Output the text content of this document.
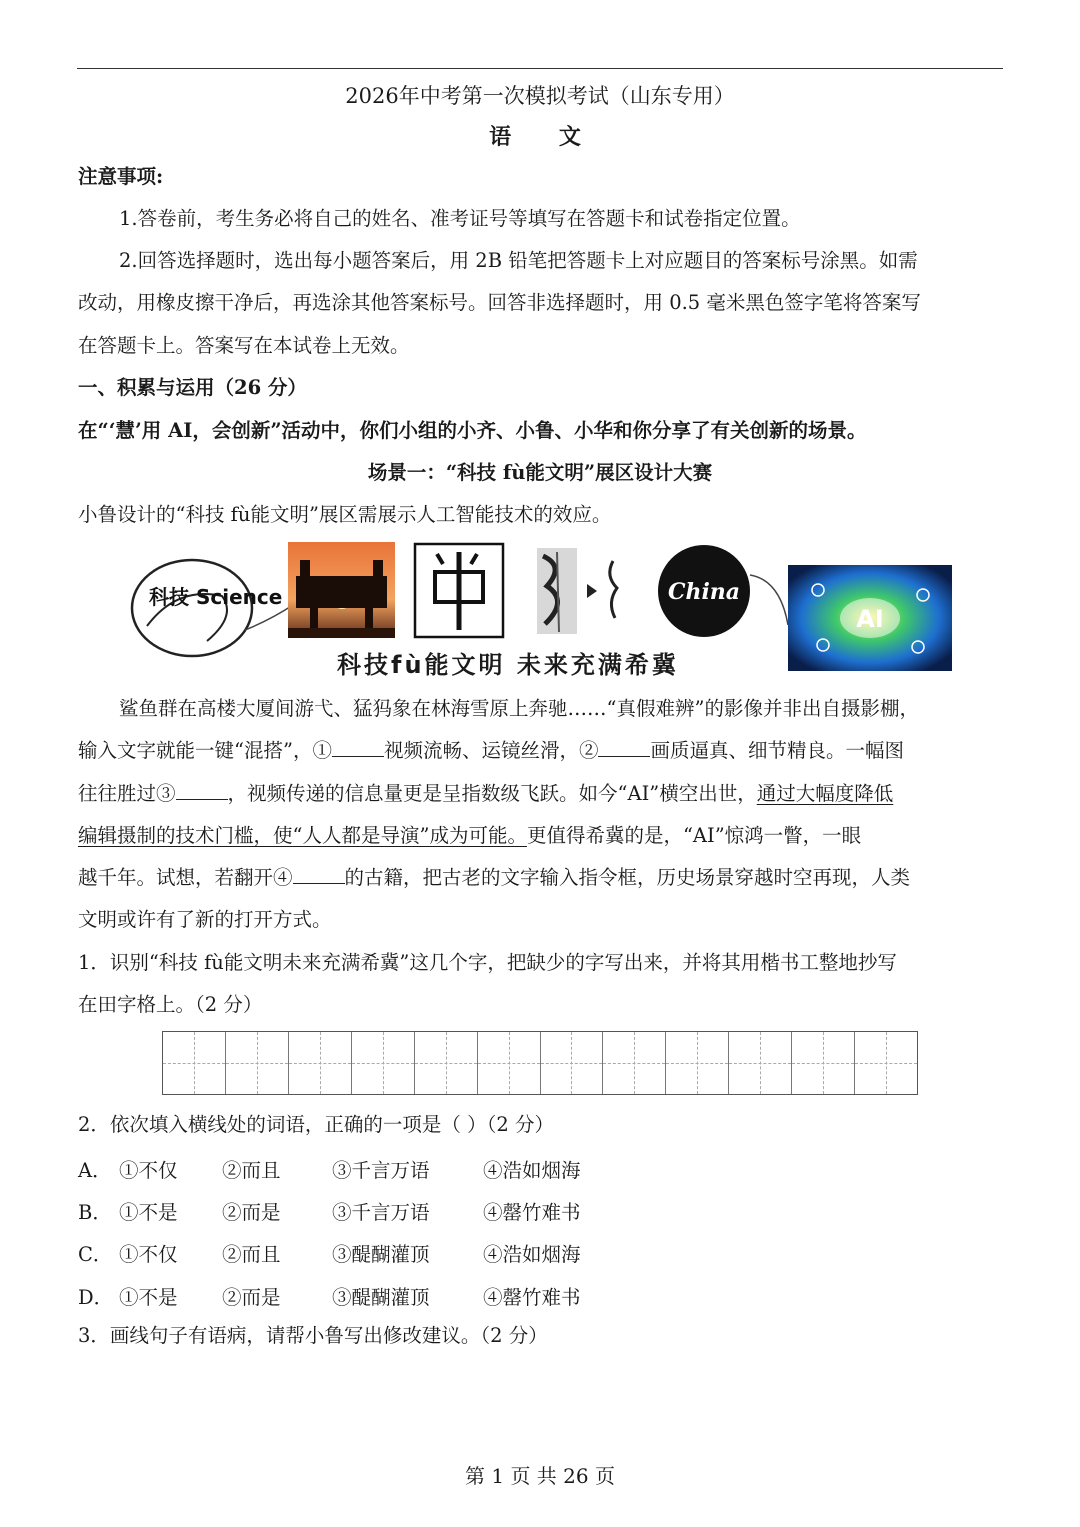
2026年中考第一次模拟考试（山东专用）
语 文
注意事项:
1.答卷前，考生务必将自己的姓名、准考证号等填写在答题卡和试卷指定位置。
2.回答选择题时，选出每小题答案后，用 2B 铅笔把答题卡上对应题目的答案标号涂黑。如需
改动，用橡皮擦干净后，再选涂其他答案标号。回答非选择题时，用 0.5 毫米黑色签字笔将答案写
在答题卡上。答案写在本试卷上无效。
一、积累与运用（26 分）
在“‘慧’用 AI，会创新”活动中，你们小组的小齐、小鲁、小华和你分享了有关创新的场景。
场景一：“科技 fù能文明”展区设计大赛
小鲁设计的“科技 fù能文明”展区需展示人工智能技术的效应。
科技 Science	China
AI
科技fù能文明 未来充满希冀
鲨鱼群在高楼大厦间游弋、猛犸象在林海雪原上奔驰……“真假难辨”的影像并非出自摄影棚，
输入文字就能一键“混搭”，①	视频流畅、运镜丝滑，②	画质逼真、细节精良。一幅图
往往胜过③	，视频传递的信息量更是呈指数级飞跃。如今“AI”横空出世，通过大幅度降低
编辑摄制的技术门槛，使“人人都是导演”成为可能。更值得希冀的是，“AI”惊鸿一瞥，一眼
越千年。试想，若翻开④	的古籍，把古老的文字输入指令框，历史场景穿越时空再现，人类
文明或许有了新的打开方式。
1．识别“科技 fù能文明未来充满希冀”这几个字，把缺少的字写出来，并将其用楷书工整地抄写
在田字格上。（2 分）
2．依次填入横线处的词语，正确的一项是（ ）（2 分）
A． ①不仅 ②而且	③千言万语	④浩如烟海
B． ①不是 ②而是	③千言万语	④罄竹难书
C． ①不仅 ②而且	③醍醐灌顶	④浩如烟海
D． ①不是 ②而是	③醍醐灌顶	④罄竹难书
3．画线句子有语病，请帮小鲁写出修改建议。（2 分）
第 1 页 共 26 页
